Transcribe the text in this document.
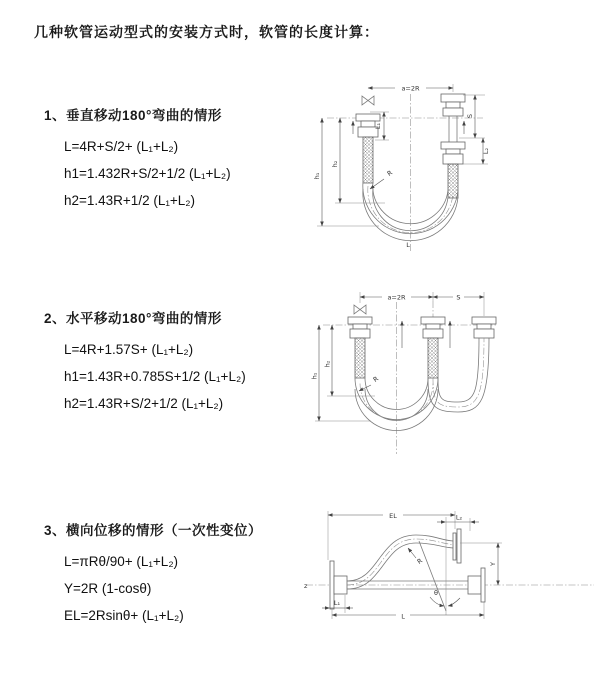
几种软管运动型式的安装方式时，软管的长度计算：
1、垂直移动180°弯曲的情形
L=4R+S/2+ (L₁+L₂)
h1=1.432R+S/2+1/2 (L₁+L₂)
h2=1.43R+1/2 (L₁+L₂)
2、水平移动180°弯曲的情形
L=4R+1.57S+ (L₁+L₂)
h1=1.43R+0.785S+1/2 (L₁+L₂)
h2=1.43R+S/2+1/2 (L₁+L₂)
3、横向位移的情形（一次性变位）
L=πRθ/90+ (L₁+L₂)
Y=2R (1-cosθ)
EL=2Rsinθ+ (L₁+L₂)
a=2R
h₁
h₂
L₁
S
L₂
R
L
a=2R	S
h₁
h₂
R
z
θ
R
EL	L₂
Y
L
L₁
